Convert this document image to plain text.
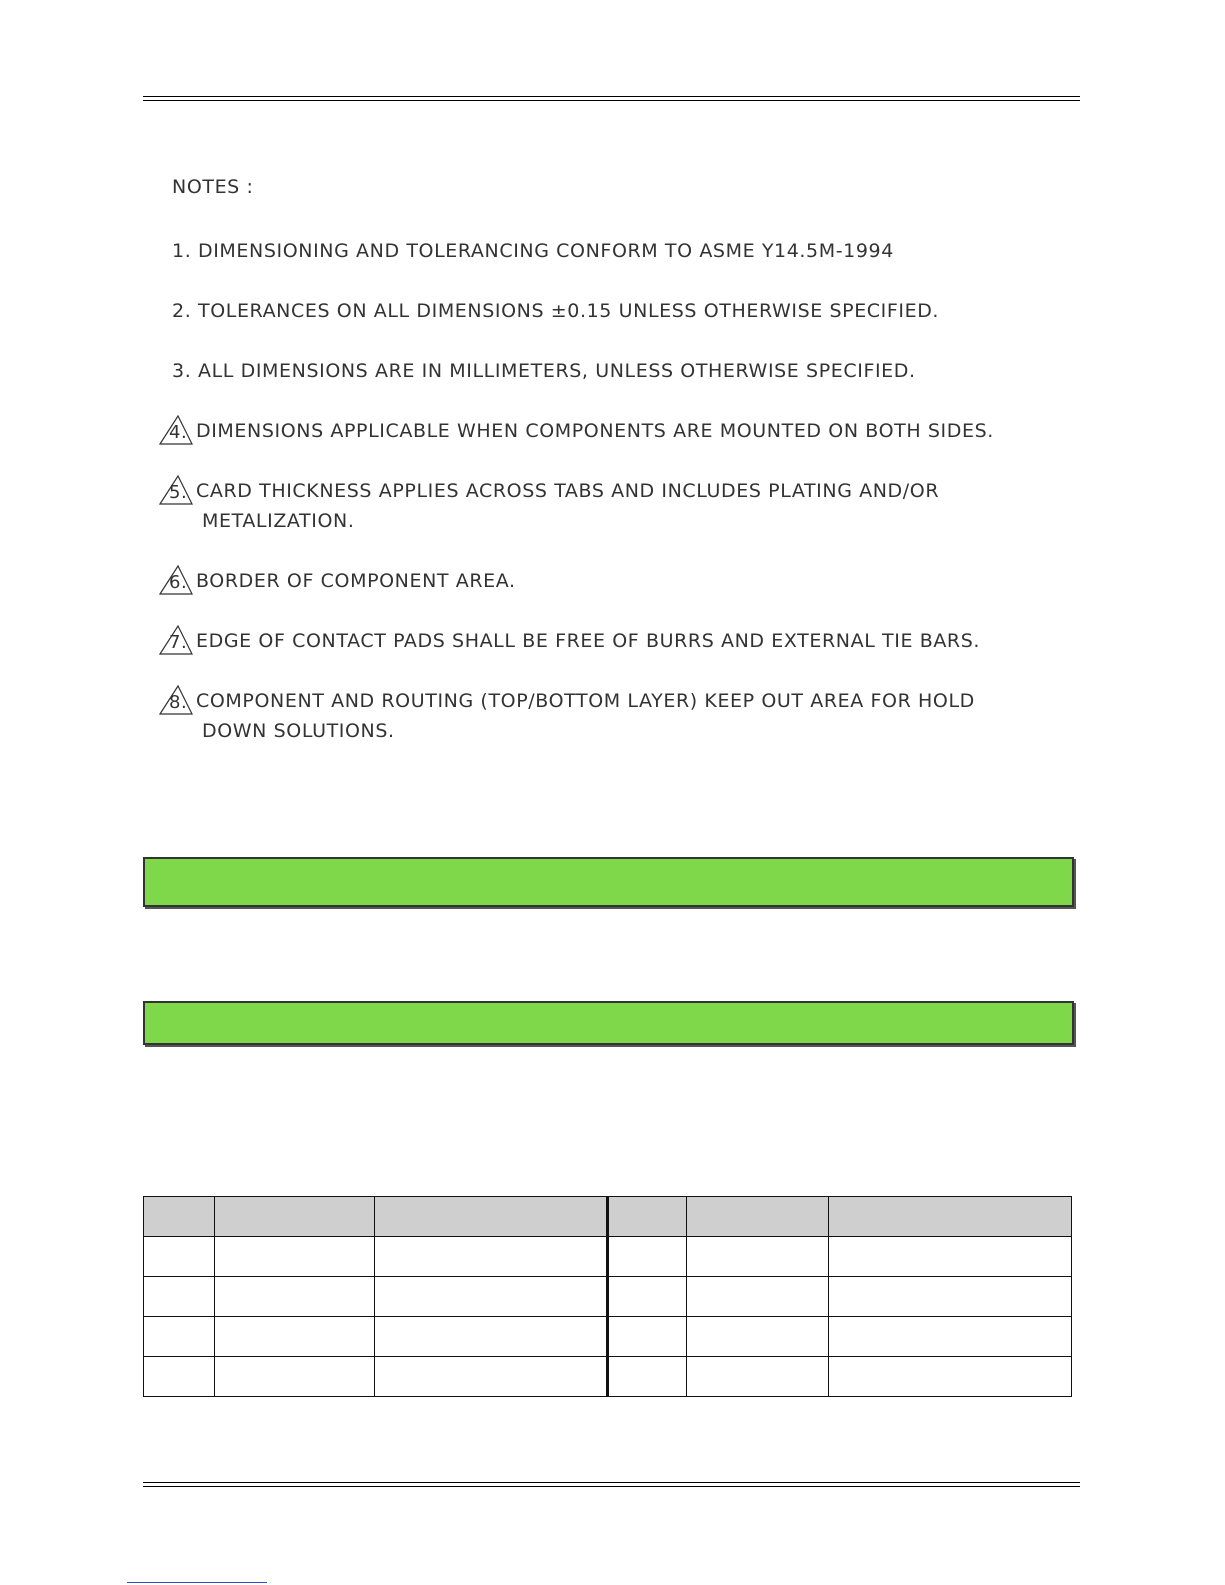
NOTES :
1. DIMENSIONING AND TOLERANCING CONFORM TO ASME Y14.5M-1994
2. TOLERANCES ON ALL DIMENSIONS ±0.15 UNLESS OTHERWISE SPECIFIED.
3. ALL DIMENSIONS ARE IN MILLIMETERS, UNLESS OTHERWISE SPECIFIED.
4. DIMENSIONS APPLICABLE WHEN COMPONENTS ARE MOUNTED ON BOTH SIDES.
5. CARD THICKNESS APPLIES ACROSS TABS AND INCLUDES PLATING AND/OR
METALIZATION.
6. BORDER OF COMPONENT AREA.
7. EDGE OF CONTACT PADS SHALL BE FREE OF BURRS AND EXTERNAL TIE BARS.
8. COMPONENT AND ROUTING (TOP/BOTTOM LAYER) KEEP OUT AREA FOR HOLD
DOWN SOLUTIONS.
